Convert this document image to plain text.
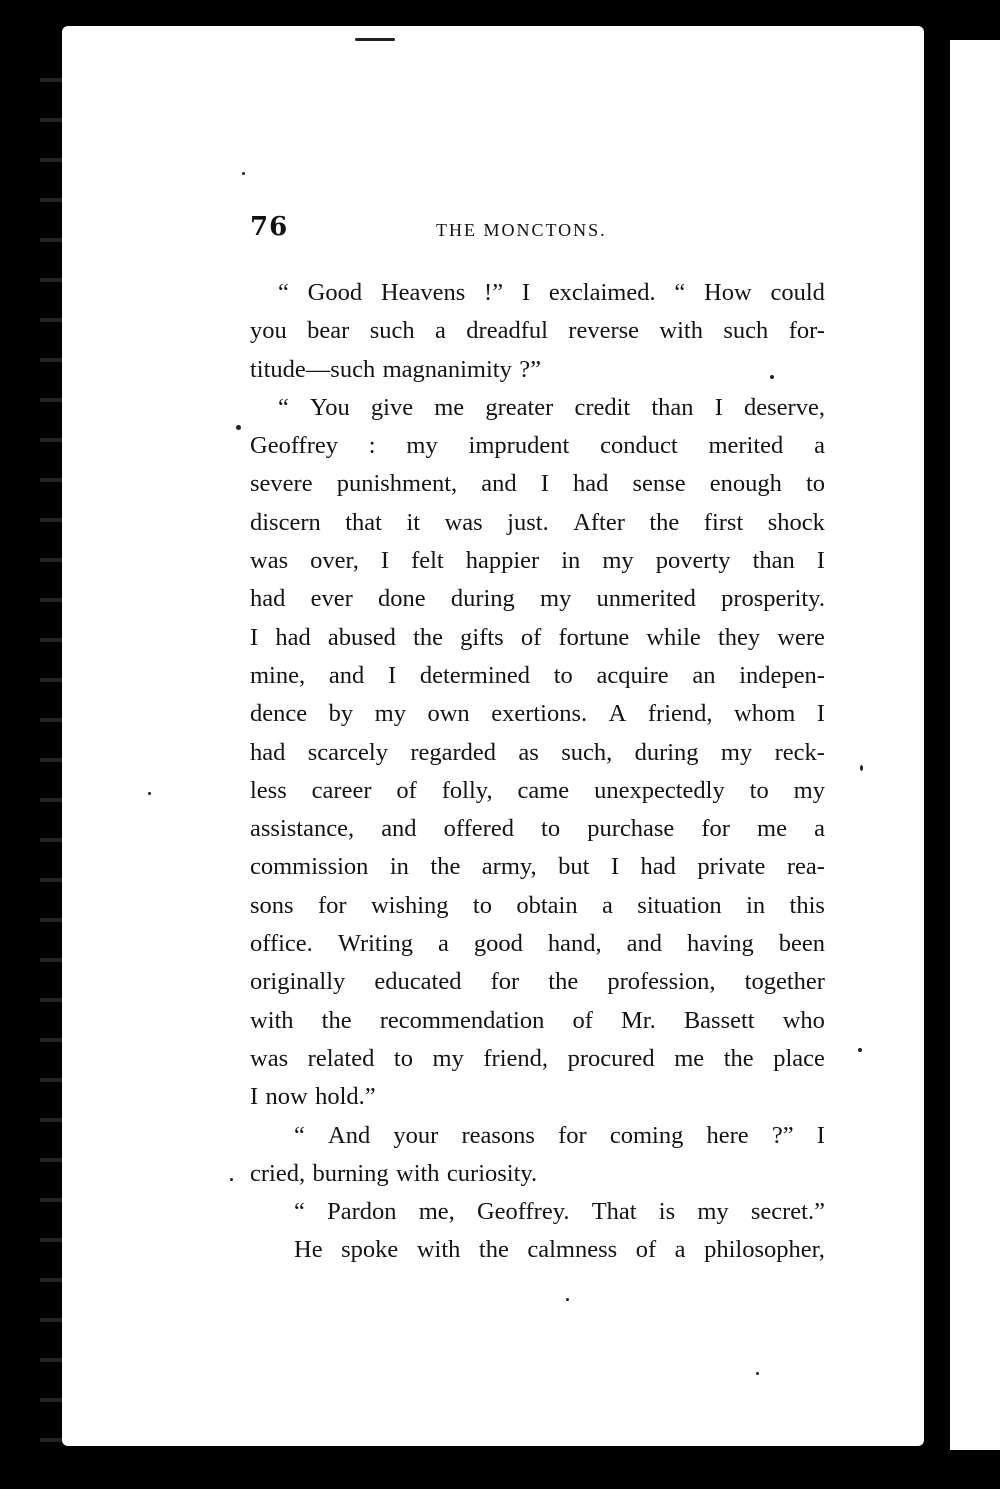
76	THE MONCTONS.
“ Good Heavens !” I exclaimed. “ How could
you bear such a dreadful reverse with such for-
titude—such magnanimity ?”
“ You give me greater credit than I deserve,
Geoffrey : my imprudent conduct merited a
severe punishment, and I had sense enough to
discern that it was just. After the first shock
was over, I felt happier in my poverty than I
had ever done during my unmerited prosperity.
I had abused the gifts of fortune while they were
mine, and I determined to acquire an indepen-
dence by my own exertions. A friend, whom I
had scarcely regarded as such, during my reck-
less career of folly, came unexpectedly to my
assistance, and offered to purchase for me a
commission in the army, but I had private rea-
sons for wishing to obtain a situation in this
office. Writing a good hand, and having been
originally educated for the profession, together
with the recommendation of Mr. Bassett who
was related to my friend, procured me the place
I now hold.”
“ And your reasons for coming here ?” I
cried, burning with curiosity.
“ Pardon me, Geoffrey. That is my secret.”
He spoke with the calmness of a philosopher,
